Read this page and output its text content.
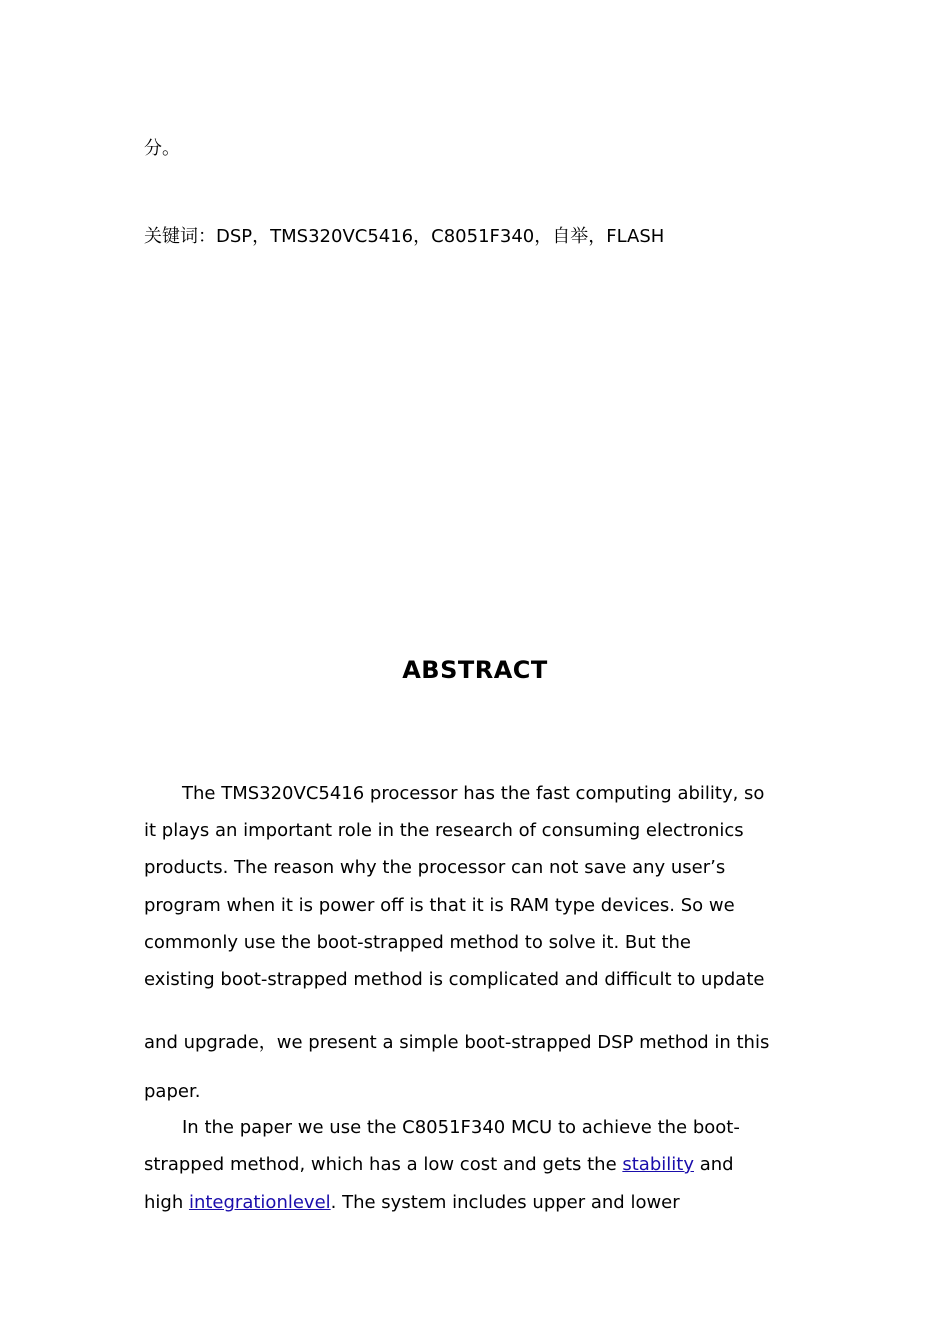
分。
关键词：DSP，TMS320VC5416，C8051F340，自举，FLASH
ABSTRACT
The TMS320VC5416 processor has the fast computing ability, so
it plays an important role in the research of consuming electronics
products. The reason why the processor can not save any user’s
program when it is power off is that it is RAM type devices. So we
commonly use the boot-strapped method to solve it. But the
existing boot-strapped method is complicated and difficult to update
and upgrade，we present a simple boot-strapped DSP method in this
paper.
In the paper we use the C8051F340 MCU to achieve the boot-
strapped method, which has a low cost and gets the stability and
high integrationlevel. The system includes upper and lower
